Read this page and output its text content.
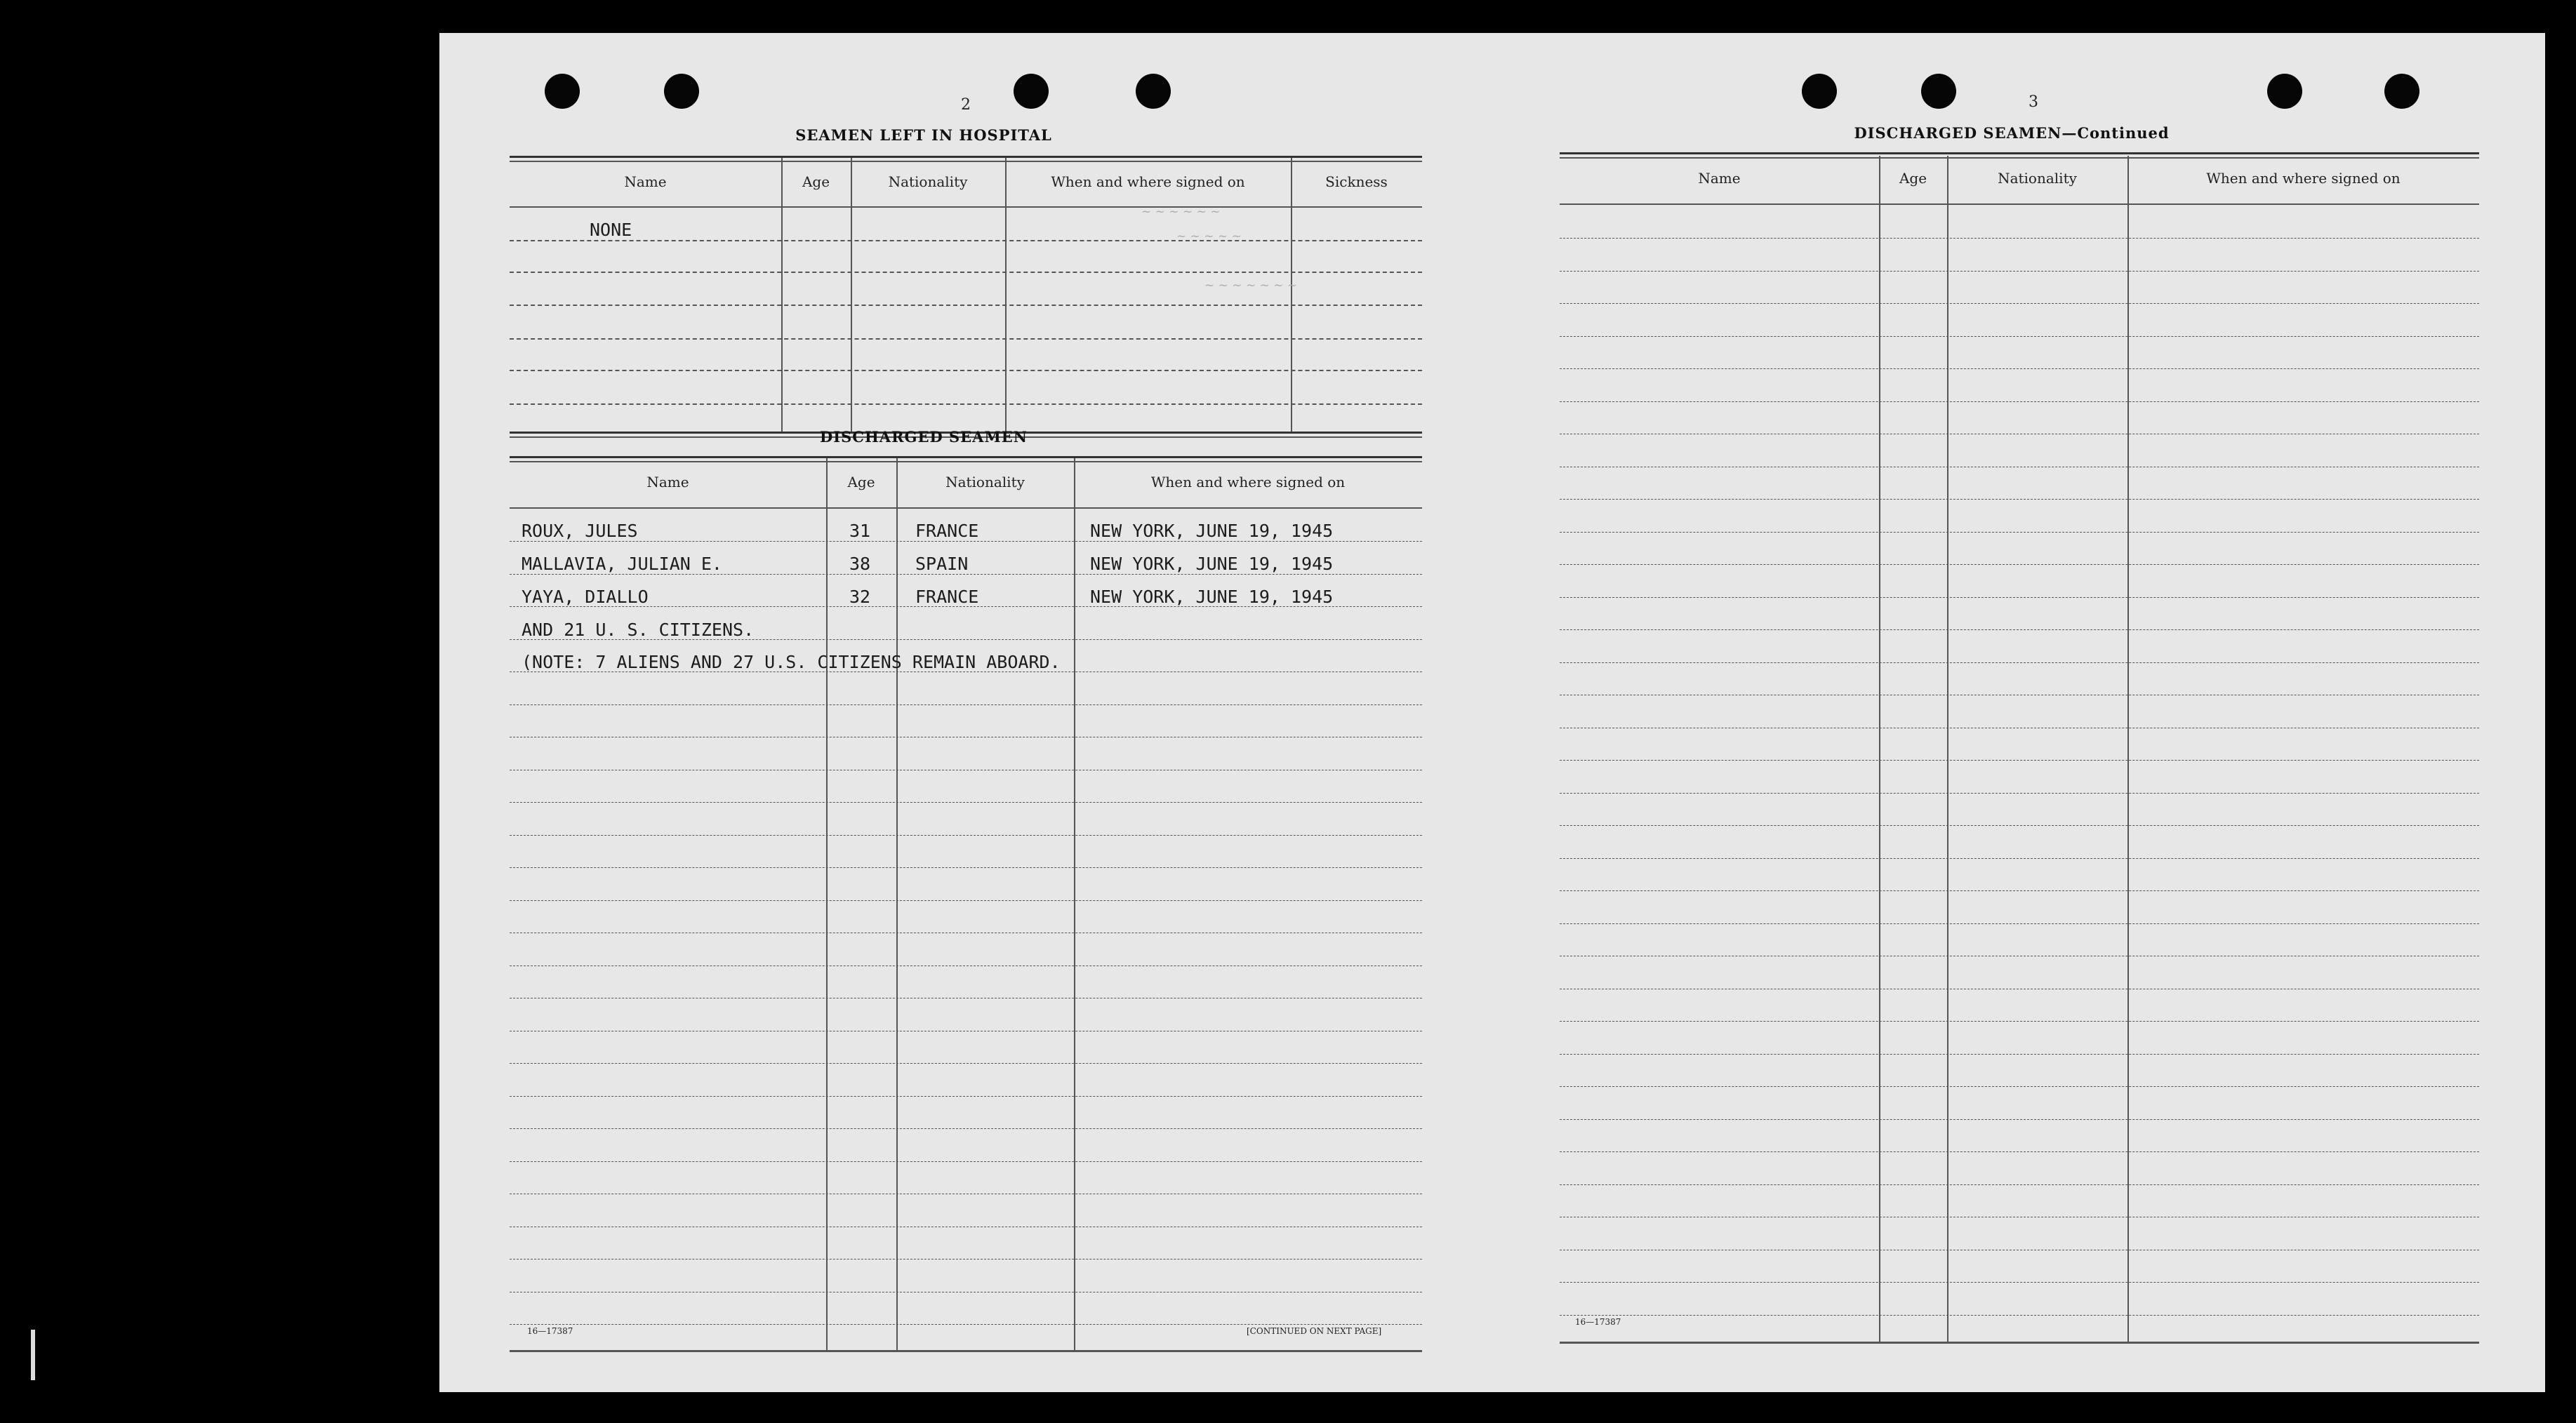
2
SEAMEN LEFT IN HOSPITAL
Name	Age	Nationality	When and where signed on	Sickness
NONE
~ ~ ~ ~ ~ ~
~ ~ ~ ~ ~
~ ~ ~ ~ ~ ~ ~
DISCHARGED SEAMEN
Name	Age	Nationality	When and where signed on
ROUX, JULES	31	FRANCE	NEW YORK, JUNE 19, 1945
MALLAVIA, JULIAN E.	38	SPAIN	NEW YORK, JUNE 19, 1945
YAYA, DIALLO	32	FRANCE	NEW YORK, JUNE 19, 1945
AND 21 U. S. CITIZENS.
(NOTE: 7 ALIENS AND 27 U.S. CITIZENS REMAIN ABOARD.
16—17387	[CONTINUED ON NEXT PAGE]
3
DISCHARGED SEAMEN—Continued
Name	Age	Nationality	When and where signed on
16—17387
